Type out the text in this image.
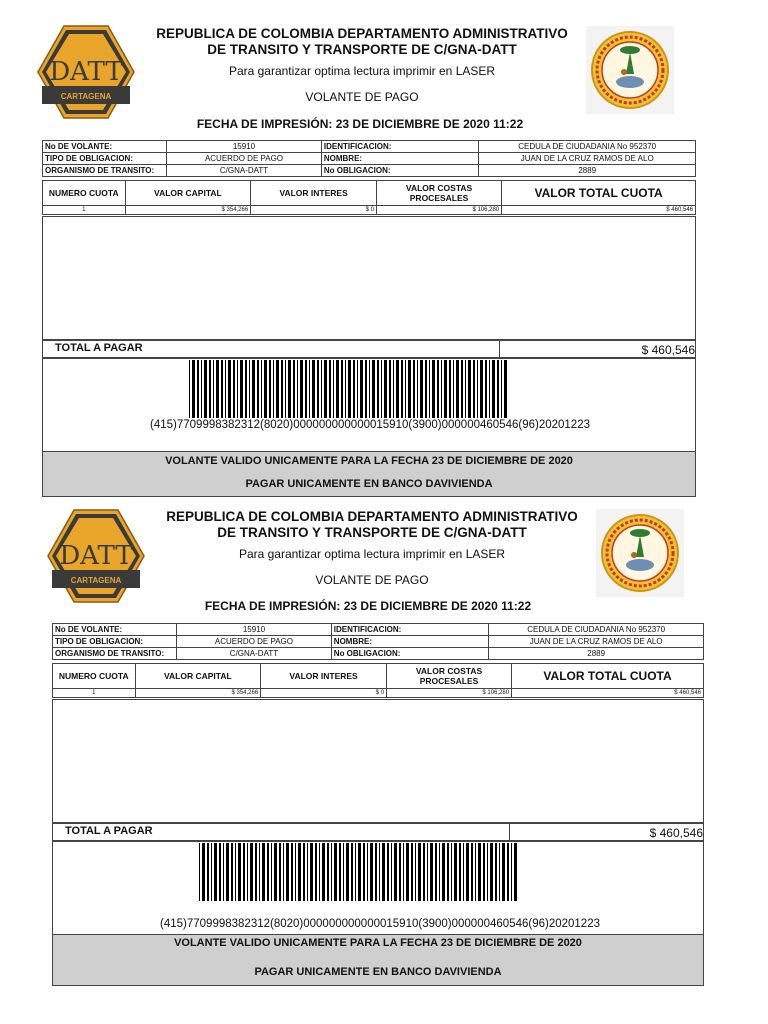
DATT
CARTAGENA
REPUBLICA DE COLOMBIA DEPARTAMENTO ADMINISTRATIVO
DE TRANSITO Y TRANSPORTE DE C/GNA-DATT
Para garantizar optima lectura imprimir en LASER
VOLANTE DE PAGO
FECHA DE IMPRESIÓN: 23 DE DICIEMBRE DE 2020 11:22
No DE VOLANTE:	15910	IDENTIFICACION:	CEDULA DE CIUDADANIA No 952370
TIPO DE OBLIGACION:	ACUERDO DE PAGO	NOMBRE:	JUAN DE LA CRUZ RAMOS DE ALO
ORGANISMO DE TRANSITO:	C/GNA-DATT	No OBLIGACION:	2889
NUMERO CUOTA	VALOR CAPITAL	VALOR INTERES	VALOR COSTAS PROCESALES	VALOR TOTAL CUOTA
1	$ 354,266	$ 0	$ 106,280	$ 460,546
TOTAL A PAGAR	$ 460,546
(415)7709998382312(8020)000000000000015910(3900)000000460546(96)20201223
VOLANTE VALIDO UNICAMENTE PARA LA FECHA 23 DE DICIEMBRE DE 2020
PAGAR UNICAMENTE EN BANCO DAVIVIENDA
DATT
CARTAGENA
REPUBLICA DE COLOMBIA DEPARTAMENTO ADMINISTRATIVO
DE TRANSITO Y TRANSPORTE DE C/GNA-DATT
Para garantizar optima lectura imprimir en LASER
VOLANTE DE PAGO
FECHA DE IMPRESIÓN: 23 DE DICIEMBRE DE 2020 11:22
No DE VOLANTE:	15910	IDENTIFICACION:	CEDULA DE CIUDADANIA No 952370
TIPO DE OBLIGACION:	ACUERDO DE PAGO	NOMBRE:	JUAN DE LA CRUZ RAMOS DE ALO
ORGANISMO DE TRANSITO:	C/GNA-DATT	No OBLIGACION:	2889
NUMERO CUOTA	VALOR CAPITAL	VALOR INTERES	VALOR COSTAS PROCESALES	VALOR TOTAL CUOTA
1	$ 354,266	$ 0	$ 106,280	$ 460,546
TOTAL A PAGAR	$ 460,546
(415)7709998382312(8020)000000000000015910(3900)000000460546(96)20201223
VOLANTE VALIDO UNICAMENTE PARA LA FECHA 23 DE DICIEMBRE DE 2020
PAGAR UNICAMENTE EN BANCO DAVIVIENDA
